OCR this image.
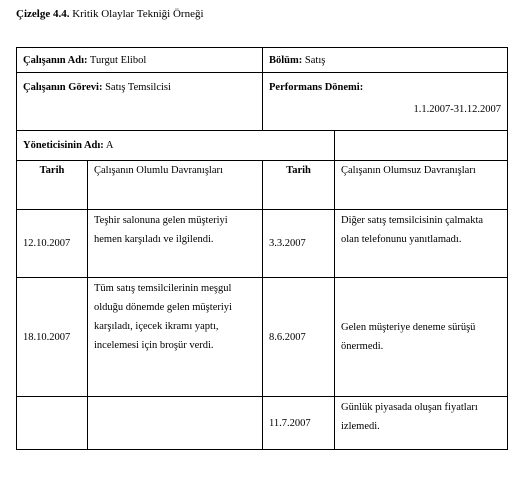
Çizelge 4.4. Kritik Olaylar Tekniği Örneği
Çalışanın Adı: Turgut Elibol		Bölüm: Satış	
Çalışanın Görevi: Satış Temsilcisi		Performans Dönemi:
1.1.2007-31.12.2007	

Yöneticisinin Adı: A			
Tarih	Çalışanın Olumlu Davranışları	Tarih	Çalışanın Olumsuz Davranışları
12.10.2007	Teşhir salonuna gelen müşteriyi hemen karşıladı ve ilgilendi.	3.3.2007	Diğer satış temsilcisinin çalmakta olan telefonunu yanıtlamadı.
18.10.2007	Tüm satış temsilcilerinin meşgul olduğu dönemde gelen müşteriyi karşıladı, içecek ikramı yaptı, incelemesi için broşür verdi.	8.6.2007	Gelen müşteriye deneme sürüşü önermedi.
		11.7.2007	Günlük piyasada oluşan fiyatları izlemedi.
